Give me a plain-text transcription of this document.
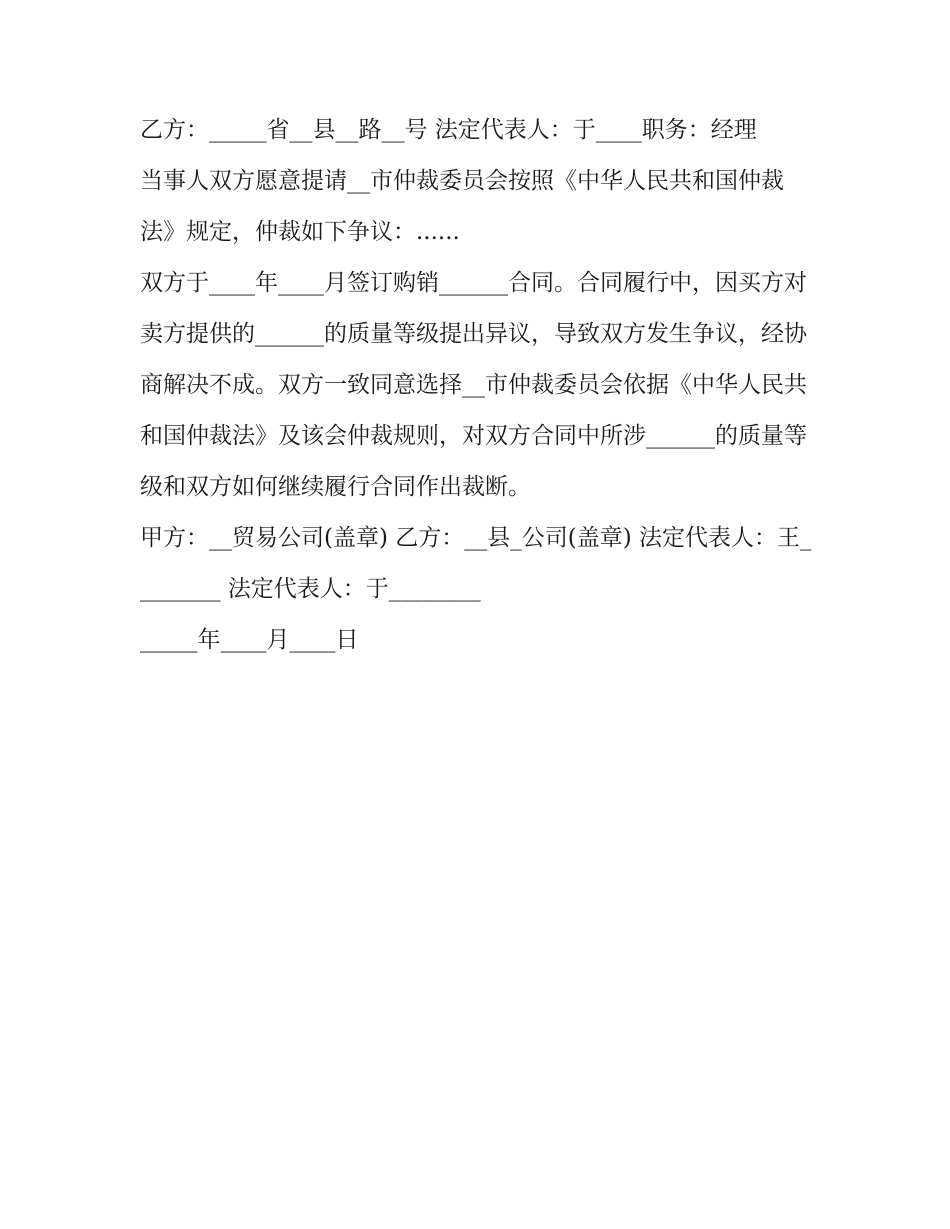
乙方：_____省__县__路__号 法定代表人：于____职务：经理

当事人双方愿意提请__市仲裁委员会按照《中华人民共和国仲裁法》规定，仲裁如下争议：......

双方于____年____月签订购销______合同。合同履行中，因买方对卖方提供的______的质量等级提出异议，导致双方发生争议，经协商解决不成。双方一致同意选择__市仲裁委员会依据《中华人民共和国仲裁法》及该会仲裁规则，对双方合同中所涉______的质量等级和双方如何继续履行合同作出裁断。

甲方：__贸易公司(盖章) 乙方：__县_公司(盖章) 法定代表人：王________ 法定代表人：于________

_____年____月____日
